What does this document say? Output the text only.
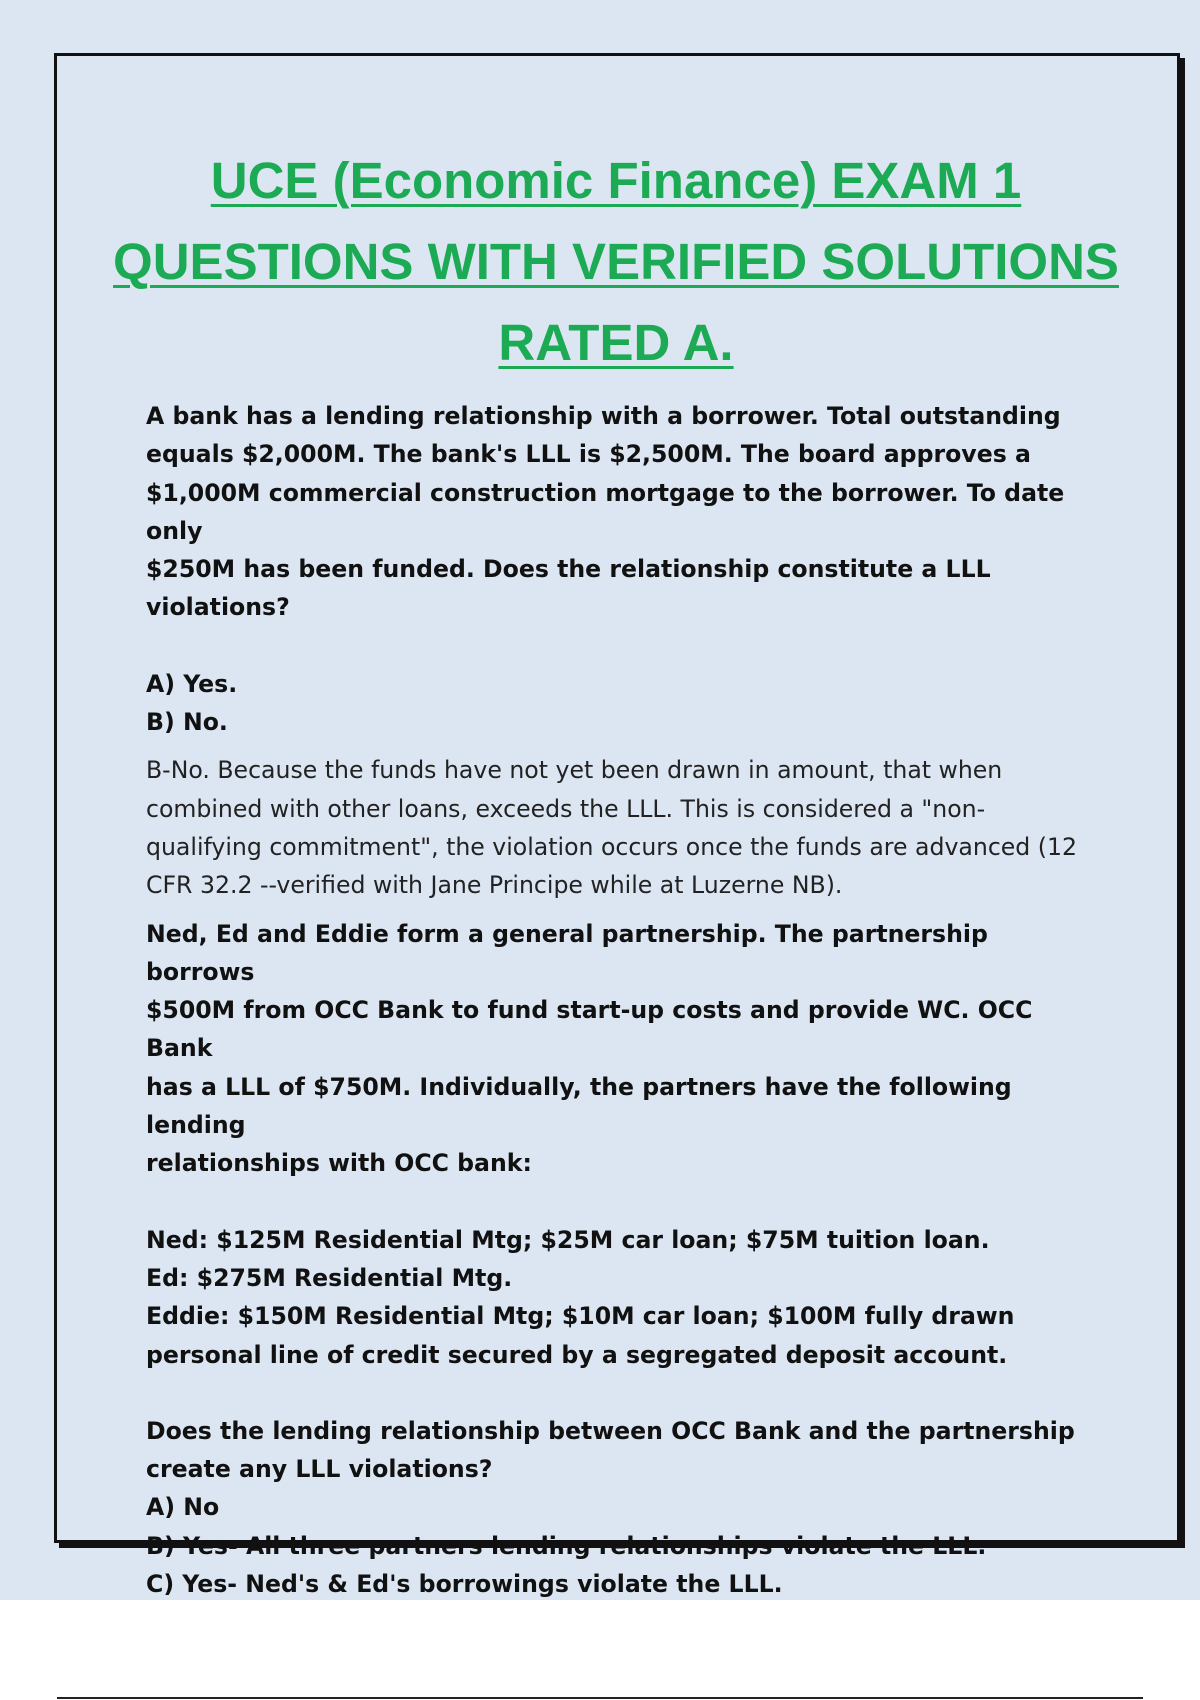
UCE (Economic Finance) EXAM 1
QUESTIONS WITH VERIFIED SOLUTIONS
RATED A.

A bank has a lending relationship with a borrower. Total outstanding

equals $2,000M. The bank's LLL is $2,500M. The board approves a

$1,000M commercial construction mortgage to the borrower. To date only

$250M has been funded. Does the relationship constitute a LLL violations?

A) Yes.

B) No.

B-No. Because the funds have not yet been drawn in amount, that when

combined with other loans, exceeds the LLL. This is considered a "non-

qualifying commitment", the violation occurs once the funds are advanced (12

CFR 32.2 --verified with Jane Principe while at Luzerne NB).

Ned, Ed and Eddie form a general partnership. The partnership borrows

$500M from OCC Bank to fund start-up costs and provide WC. OCC Bank

has a LLL of $750M. Individually, the partners have the following lending

relationships with OCC bank:

Ned: $125M Residential Mtg; $25M car loan; $75M tuition loan.

Ed: $275M Residential Mtg.

Eddie: $150M Residential Mtg; $10M car loan; $100M fully drawn

personal line of credit secured by a segregated deposit account.

Does the lending relationship between OCC Bank and the partnership

create any LLL violations?

A) No

B) Yes- All three partners lending relationships violate the LLL.

C) Yes- Ned's & Ed's borrowings violate the LLL.
